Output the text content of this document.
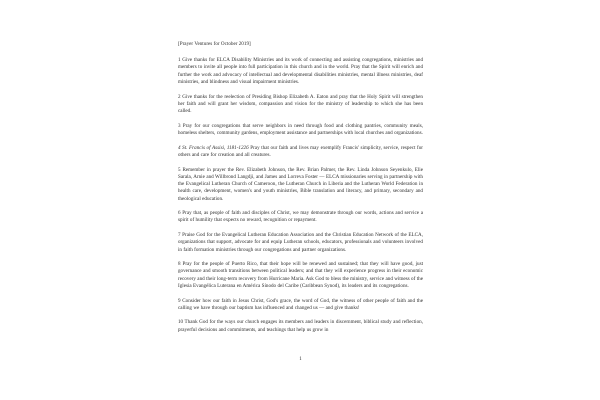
[Prayer Ventures for October 2019]

1 Give thanks for ELCA Disability Ministries and its work of connecting and assisting congregations, ministries and members to invite all people into full participation in this church and in the world. Pray that the Spirit will enrich and further the work and advocacy of intellectual and developmental disabilities ministries, mental illness ministries, deaf ministries, and blindness and visual impairment ministries.

2 Give thanks for the reelection of Presiding Bishop Elizabeth A. Eaton and pray that the Holy Spirit will strengthen her faith and will grant her wisdom, compassion and vision for the ministry of leadership to which she has been called.

3 Pray for our congregations that serve neighbors in need through food and clothing pantries, community meals, homeless shelters, community gardens, employment assistance and partnerships with local churches and organizations.

4 St. Francis of Assisi, 1181-1226 Pray that our faith and lives may exemplify Francis' simplicity, service, respect for others and care for creation and all creatures.

5 Remember in prayer the Rev. Elizabeth Johnson, the Rev. Brian Palmer, the Rev. Linda Johnson Seyenkulo, Elie Sarala, Arnie and Willbrond Langdji, and James and Lorreva Foster — ELCA missionaries serving in partnership with the Evangelical Lutheran Church of Cameroon, the Lutheran Church in Liberia and the Lutheran World Federation in health care, development, women's and youth ministries, Bible translation and literacy, and primary, secondary and theological education.

6 Pray that, as people of faith and disciples of Christ, we may demonstrate through our words, actions and service a spirit of humility that expects no reward, recognition or repayment.

7 Praise God for the Evangelical Lutheran Education Association and the Christian Education Network of the ELCA, organizations that support, advocate for and equip Lutheran schools, educators, professionals and volunteers involved in faith formation ministries through our congregations and partner organizations.

8 Pray for the people of Puerto Rico, that their hope will be renewed and sustained; that they will have good, just governance and smooth transitions between political leaders; and that they will experience progress in their economic recovery and their long-term recovery from Hurricane Maria. Ask God to bless the ministry, service and witness of the Iglesia Evangélica Luterana en América Sínodo del Caribe (Caribbean Synod), its leaders and its congregations.

9 Consider how our faith in Jesus Christ, God's grace, the word of God, the witness of other people of faith and the calling we have through our baptism has influenced and changed us — and give thanks!

10 Thank God for the ways our church engages its members and leaders in discernment, biblical study and reflection, prayerful decisions and commitments, and teachings that help us grow in

1
